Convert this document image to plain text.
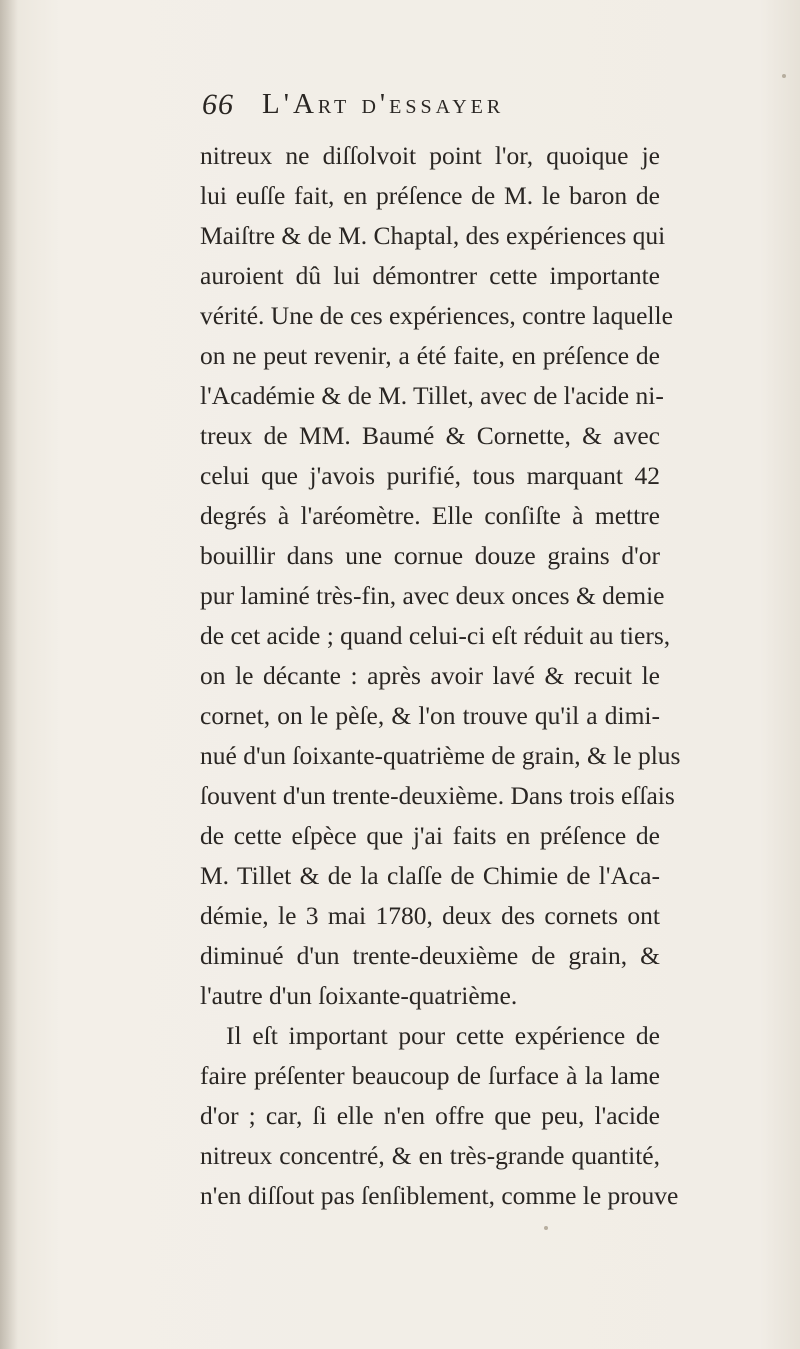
66 L'Art d'essayer
nitreux ne diſſolvoit point l'or, quoique je
lui euſſe fait, en préſence de M. le baron de
Maiſtre & de M. Chaptal, des expériences qui
auroient dû lui démontrer cette importante
vérité. Une de ces expériences, contre laquelle
on ne peut revenir, a été faite, en préſence de
l'Académie & de M. Tillet, avec de l'acide ni-
treux de MM. Baumé & Cornette, & avec
celui que j'avois purifié, tous marquant 42
degrés à l'aréomètre. Elle conſiſte à mettre
bouillir dans une cornue douze grains d'or
pur laminé très-fin, avec deux onces & demie
de cet acide ; quand celui-ci eſt réduit au tiers,
on le décante : après avoir lavé & recuit le
cornet, on le pèſe, & l'on trouve qu'il a dimi-
nué d'un ſoixante-quatrième de grain, & le plus
ſouvent d'un trente-deuxième. Dans trois eſſais
de cette eſpèce que j'ai faits en préſence de
M. Tillet & de la claſſe de Chimie de l'Aca-
démie, le 3 mai 1780, deux des cornets ont
diminué d'un trente-deuxième de grain, &
l'autre d'un ſoixante-quatrième.
Il eſt important pour cette expérience de
faire préſenter beaucoup de ſurface à la lame
d'or ; car, ſi elle n'en offre que peu, l'acide
nitreux concentré, & en très-grande quantité,
n'en diſſout pas ſenſiblement, comme le prouve
